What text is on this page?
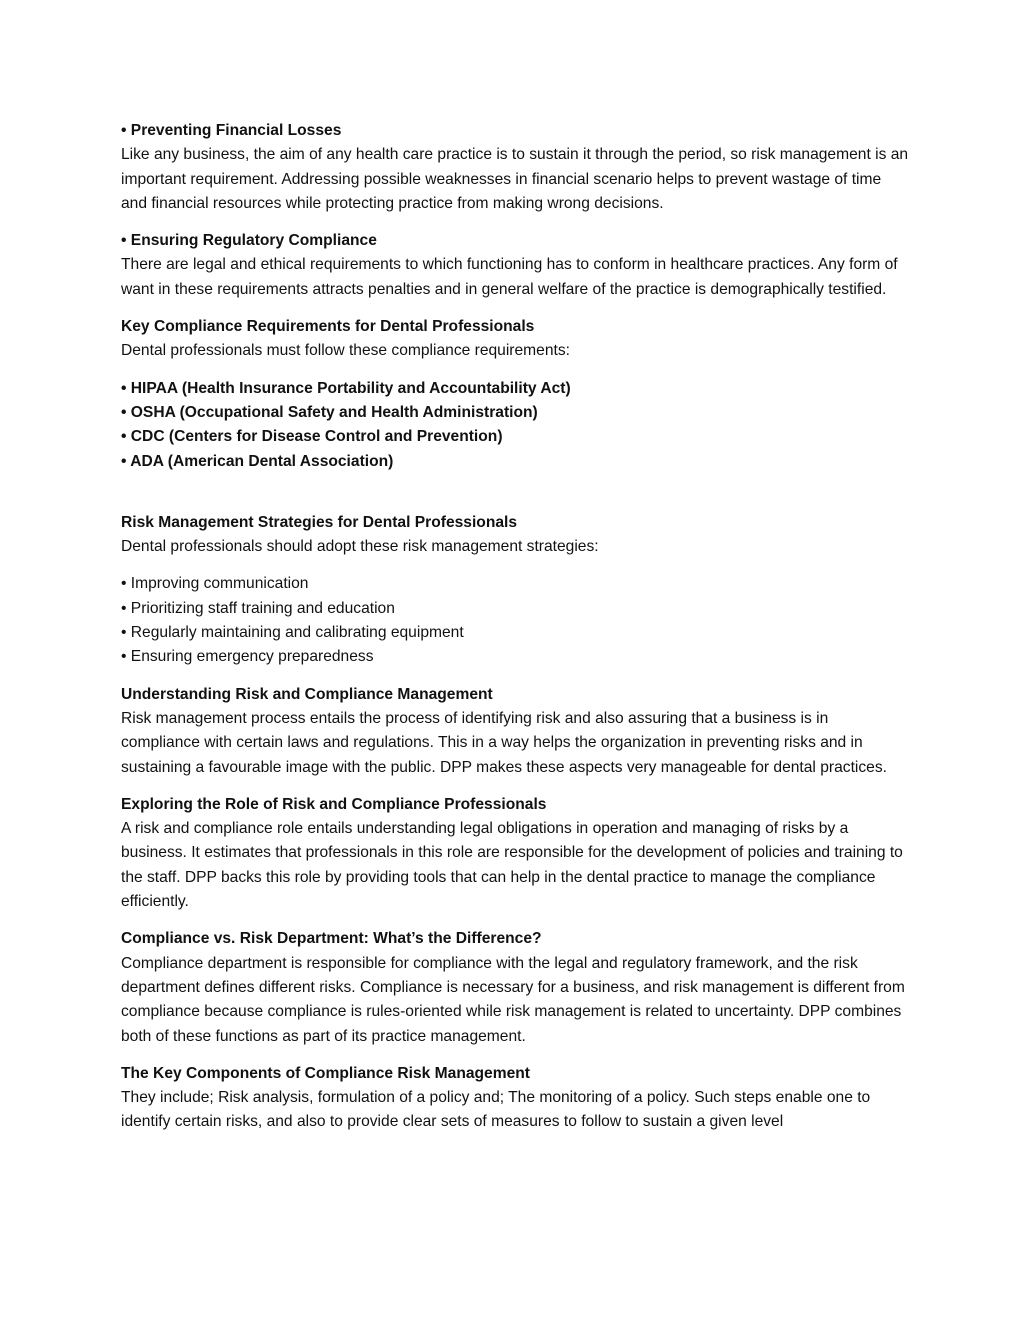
• Preventing Financial Losses
Like any business, the aim of any health care practice is to sustain it through the period, so risk management is an important requirement. Addressing possible weaknesses in financial scenario helps to prevent wastage of time and financial resources while protecting practice from making wrong decisions.
• Ensuring Regulatory Compliance
There are legal and ethical requirements to which functioning has to conform in healthcare practices. Any form of want in these requirements attracts penalties and in general welfare of the practice is demographically testified.
Key Compliance Requirements for Dental Professionals
Dental professionals must follow these compliance requirements:
• HIPAA (Health Insurance Portability and Accountability Act)
• OSHA (Occupational Safety and Health Administration)
• CDC (Centers for Disease Control and Prevention)
• ADA (American Dental Association)
Risk Management Strategies for Dental Professionals
Dental professionals should adopt these risk management strategies:
• Improving communication
• Prioritizing staff training and education
• Regularly maintaining and calibrating equipment
• Ensuring emergency preparedness
Understanding Risk and Compliance Management
Risk management process entails the process of identifying risk and also assuring that a business is in compliance with certain laws and regulations. This in a way helps the organization in preventing risks and in sustaining a favourable image with the public. DPP makes these aspects very manageable for dental practices.
Exploring the Role of Risk and Compliance Professionals
A risk and compliance role entails understanding legal obligations in operation and managing of risks by a business. It estimates that professionals in this role are responsible for the development of policies and training to the staff. DPP backs this role by providing tools that can help in the dental practice to manage the compliance efficiently.
Compliance vs. Risk Department: What’s the Difference?
Compliance department is responsible for compliance with the legal and regulatory framework, and the risk department defines different risks. Compliance is necessary for a business, and risk management is different from compliance because compliance is rules-oriented while risk management is related to uncertainty. DPP combines both of these functions as part of its practice management.
The Key Components of Compliance Risk Management
They include; Risk analysis, formulation of a policy and; The monitoring of a policy. Such steps enable one to identify certain risks, and also to provide clear sets of measures to follow to sustain a given level
